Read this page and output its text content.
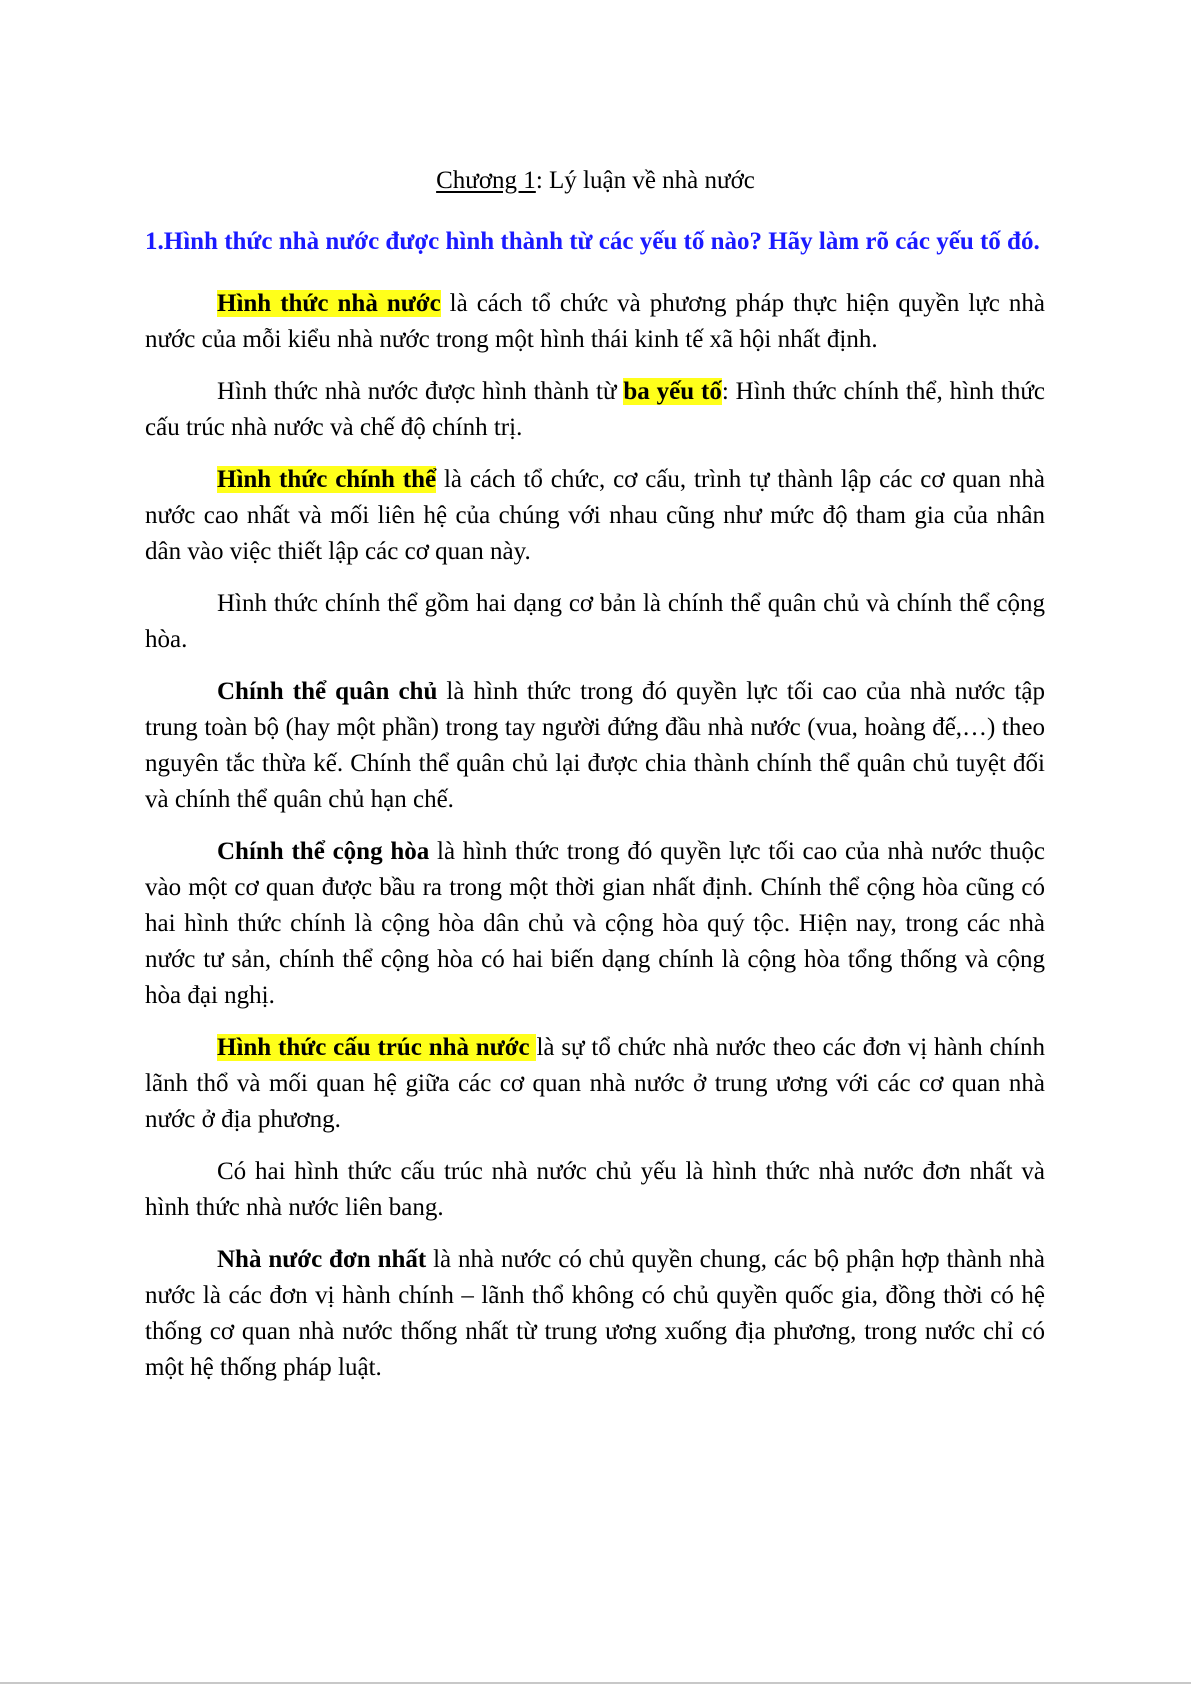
Chương 1: Lý luận về nhà nước

1.Hình thức nhà nước được hình thành từ các yếu tố nào? Hãy làm rõ các yếu tố đó.

Hình thức nhà nước là cách tổ chức và phương pháp thực hiện quyền lực nhà nước của mỗi kiểu nhà nước trong một hình thái kinh tế xã hội nhất định.

Hình thức nhà nước được hình thành từ ba yếu tố: Hình thức chính thể, hình thức cấu trúc nhà nước và chế độ chính trị.

Hình thức chính thể là cách tổ chức, cơ cấu, trình tự thành lập các cơ quan nhà nước cao nhất và mối liên hệ của chúng với nhau cũng như mức độ tham gia của nhân dân vào việc thiết lập các cơ quan này.

Hình thức chính thể gồm hai dạng cơ bản là chính thể quân chủ và chính thể cộng hòa.

Chính thể quân chủ là hình thức trong đó quyền lực tối cao của nhà nước tập trung toàn bộ (hay một phần) trong tay người đứng đầu nhà nước (vua, hoàng đế,…) theo nguyên tắc thừa kế. Chính thể quân chủ lại được chia thành chính thể quân chủ tuyệt đối và chính thể quân chủ hạn chế.

Chính thể cộng hòa là hình thức trong đó quyền lực tối cao của nhà nước thuộc vào một cơ quan được bầu ra trong một thời gian nhất định. Chính thể cộng hòa cũng có hai hình thức chính là cộng hòa dân chủ và cộng hòa quý tộc. Hiện nay, trong các nhà nước tư sản, chính thể cộng hòa có hai biến dạng chính là cộng hòa tổng thống và cộng hòa đại nghị.

Hình thức cấu trúc nhà nước là sự tổ chức nhà nước theo các đơn vị hành chính lãnh thổ và mối quan hệ giữa các cơ quan nhà nước ở trung ương với các cơ quan nhà nước ở địa phương.

Có hai hình thức cấu trúc nhà nước chủ yếu là hình thức nhà nước đơn nhất và hình thức nhà nước liên bang.

Nhà nước đơn nhất là nhà nước có chủ quyền chung, các bộ phận hợp thành nhà nước là các đơn vị hành chính – lãnh thổ không có chủ quyền quốc gia, đồng thời có hệ thống cơ quan nhà nước thống nhất từ trung ương xuống địa phương, trong nước chỉ có một hệ thống pháp luật.
